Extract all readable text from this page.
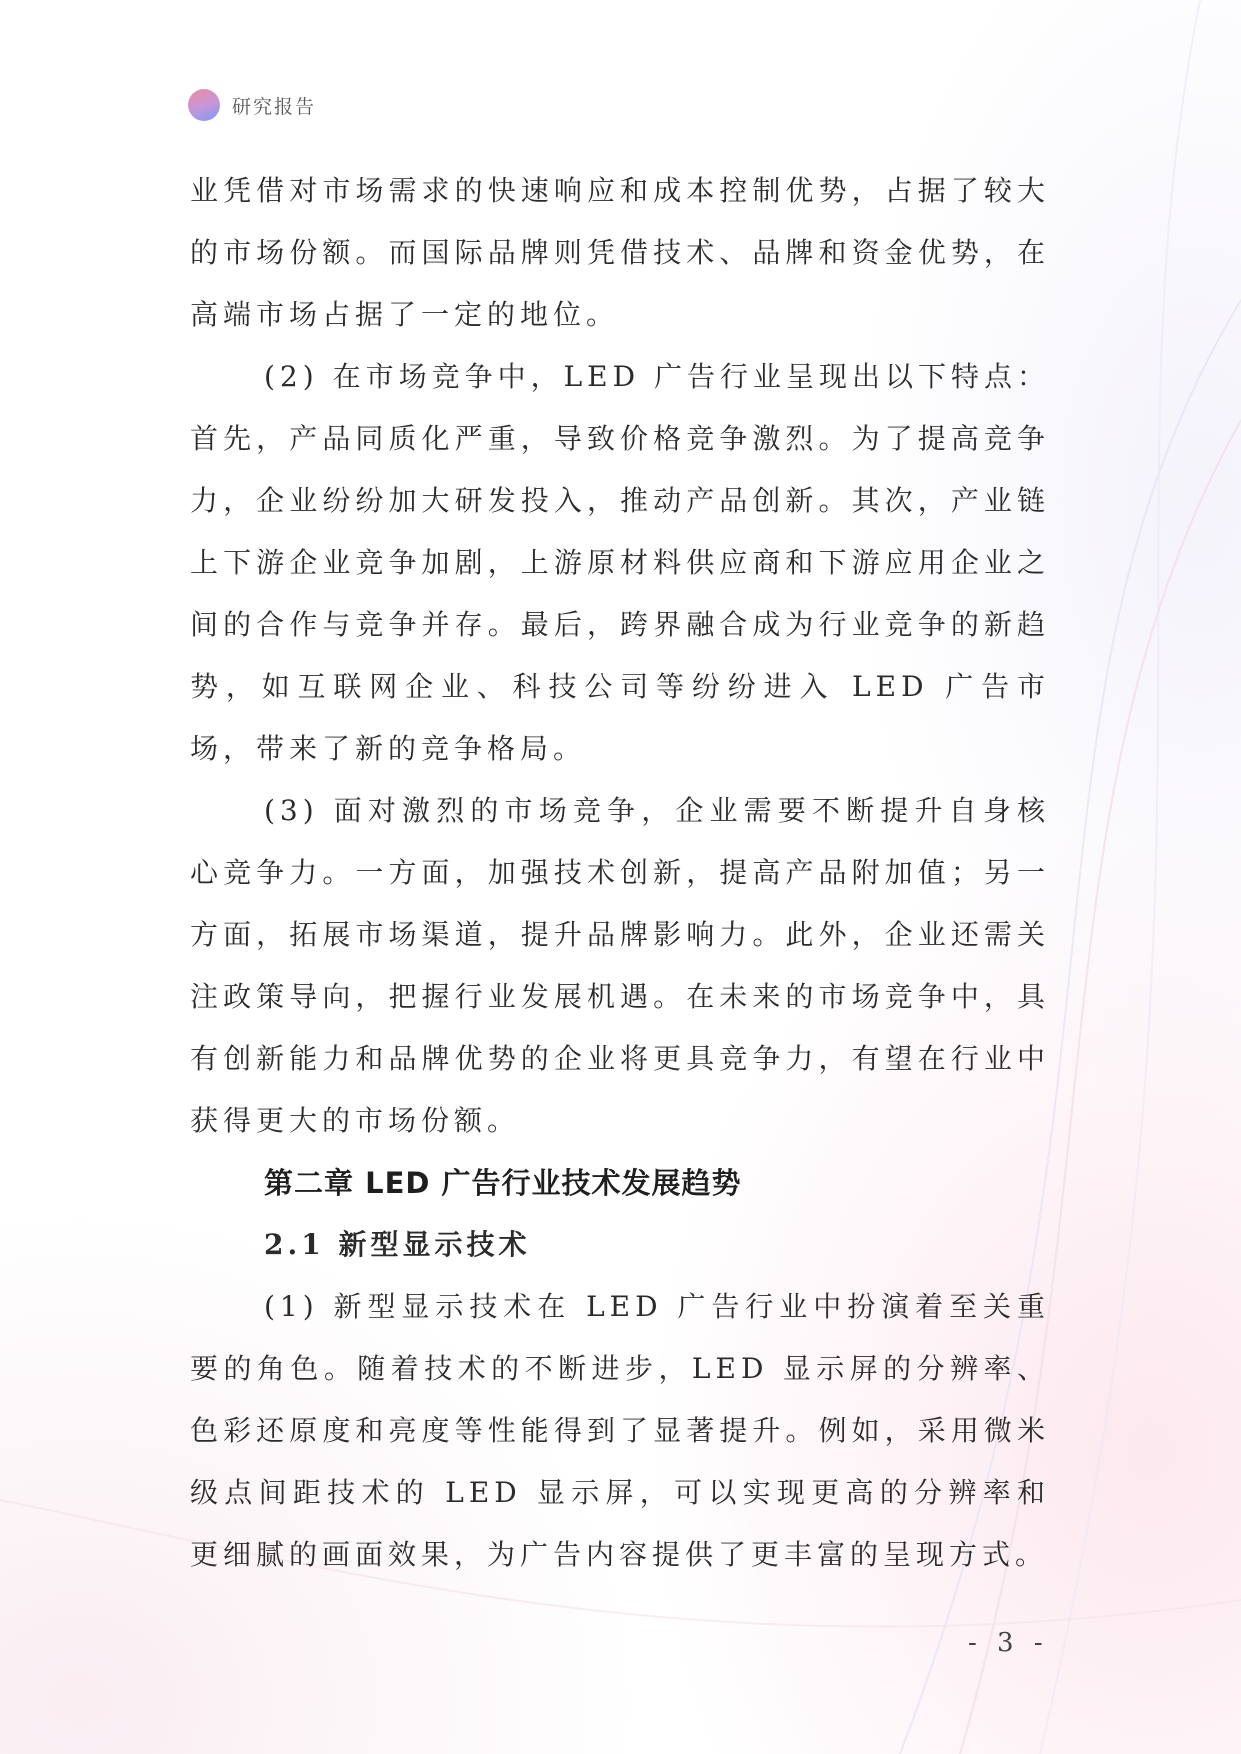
研究报告

业凭借对市场需求的快速响应和成本控制优势，占据了较大的市场份额。而国际品牌则凭借技术、品牌和资金优势，在高端市场占据了一定的地位。

(2) 在市场竞争中，LED 广告行业呈现出以下特点：首先，产品同质化严重，导致价格竞争激烈。为了提高竞争力，企业纷纷加大研发投入，推动产品创新。其次，产业链上下游企业竞争加剧，上游原材料供应商和下游应用企业之间的合作与竞争并存。最后，跨界融合成为行业竞争的新趋势，如互联网企业、科技公司等纷纷进入 LED 广告市场，带来了新的竞争格局。

(3) 面对激烈的市场竞争，企业需要不断提升自身核心竞争力。一方面，加强技术创新，提高产品附加值；另一方面，拓展市场渠道，提升品牌影响力。此外，企业还需关注政策导向，把握行业发展机遇。在未来的市场竞争中，具有创新能力和品牌优势的企业将更具竞争力，有望在行业中获得更大的市场份额。

第二章 LED 广告行业技术发展趋势
2.1 新型显示技术

(1) 新型显示技术在 LED 广告行业中扮演着至关重要的角色。随着技术的不断进步，LED 显示屏的分辨率、色彩还原度和亮度等性能得到了显著提升。例如，采用微米级点间距技术的 LED 显示屏，可以实现更高的分辨率和更细腻的画面效果，为广告内容提供了更丰富的呈现方式。

- 3 -
